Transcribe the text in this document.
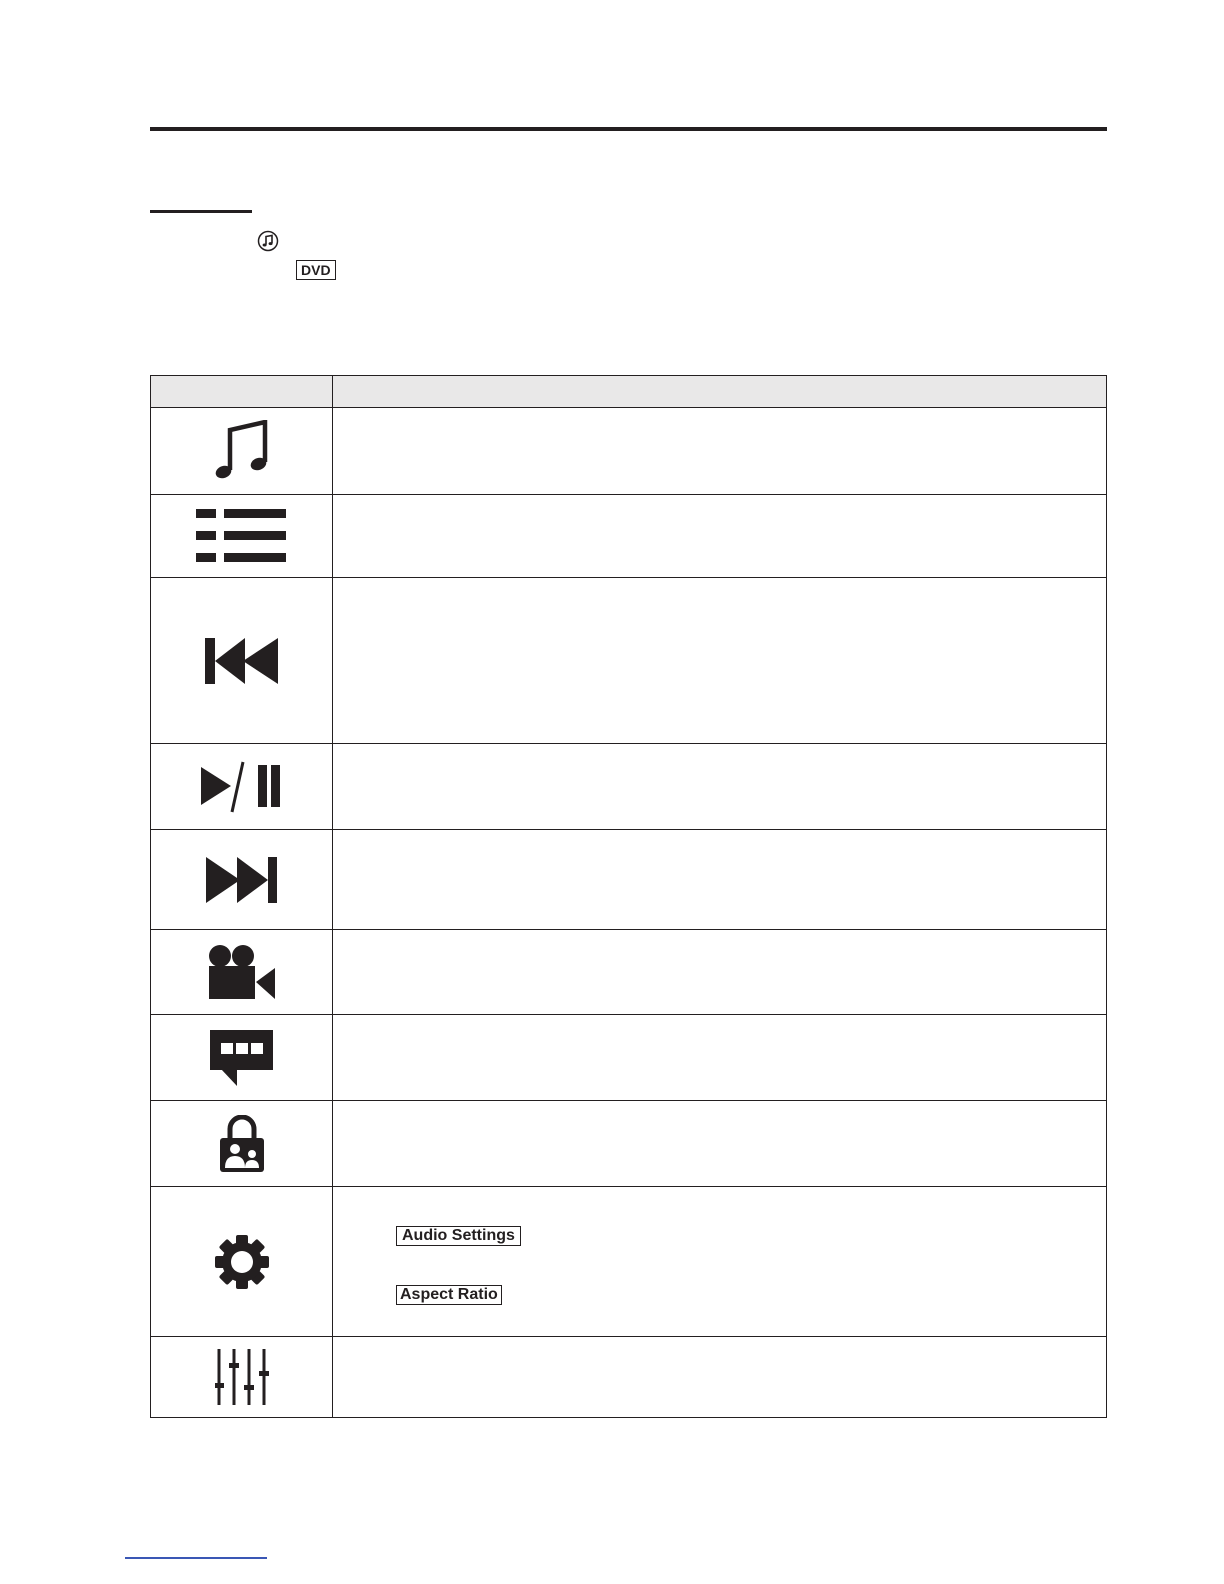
DVD

Audio Settings
Aspect Ratio
